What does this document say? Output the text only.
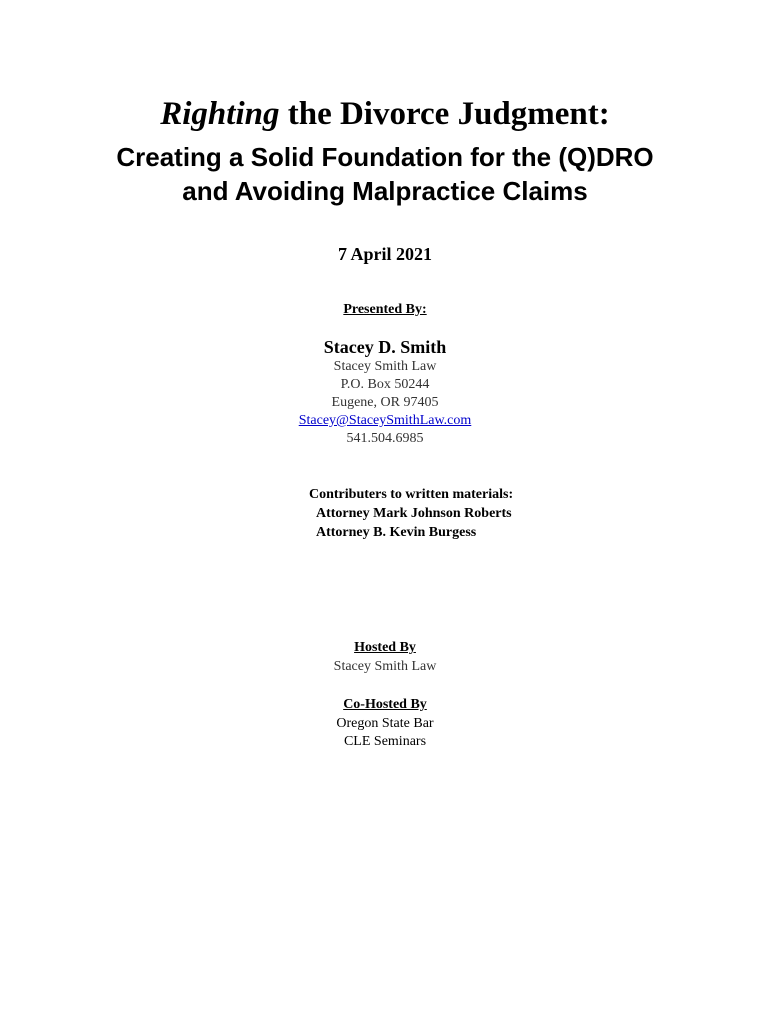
Righting the Divorce Judgment:
Creating a Solid Foundation for the (Q)DRO
and Avoiding Malpractice Claims
7 April 2021
Presented By:
Stacey D. Smith
Stacey Smith Law
P.O. Box 50244
Eugene, OR 97405
Stacey@StaceySmithLaw.com
541.504.6985
Contributers to written materials:
Attorney Mark Johnson Roberts
Attorney B. Kevin Burgess
Hosted By
Stacey Smith Law
Co-Hosted By
Oregon State Bar
CLE Seminars
